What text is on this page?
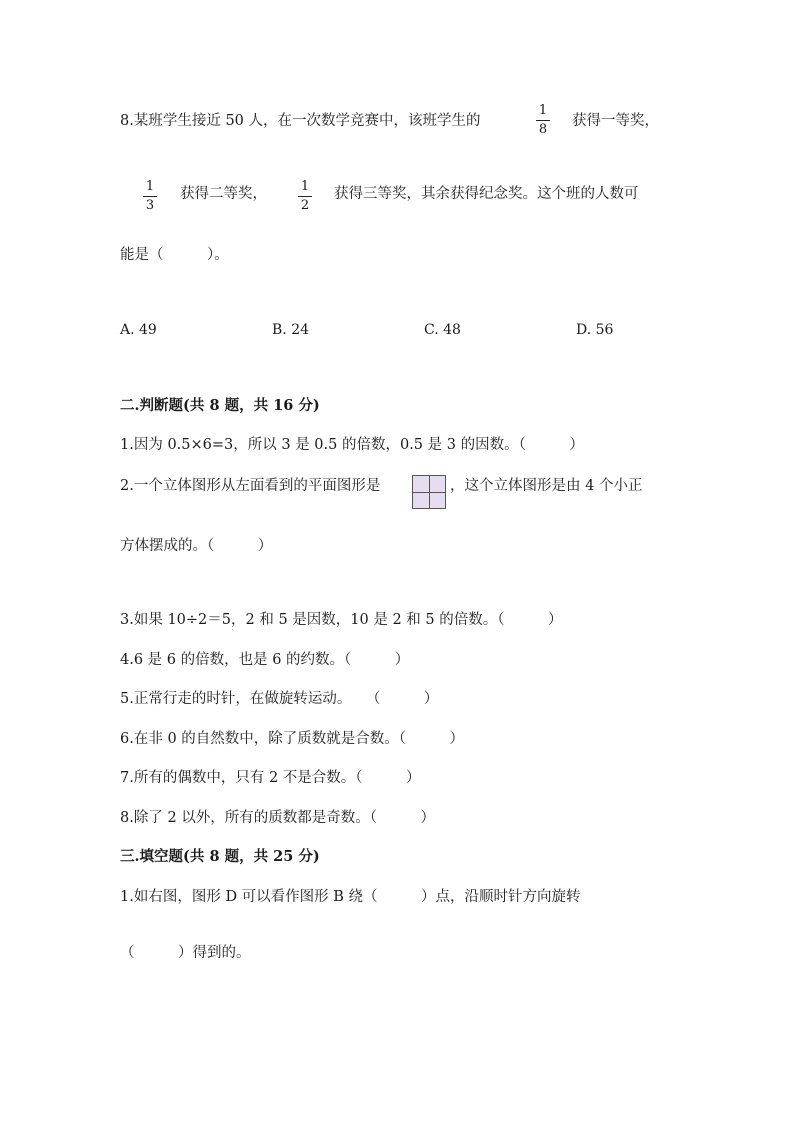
8.某班学生接近 50 人，在一次数学竞赛中，该班学生的
1
8
获得一等奖，
1
3
获得二等奖，	1
2
获得三等奖，其余获得纪念奖。这个班的人数可
能是（　　　）。
A. 49	B. 24	C. 48	D. 56
二.判断题(共 8 题，共 16 分)
1.因为 0.5×6=3，所以 3 是 0.5 的倍数，0.5 是 3 的因数。（　　　）
2.一个立体图形从左面看到的平面图形是	，这个立体图形是由 4 个小正
方体摆成的。（　　　）
3.如果 10÷2＝5，2 和 5 是因数，10 是 2 和 5 的倍数。（　　　）
4.6 是 6 的倍数，也是 6 的约数。（　　　）
5.正常行走的时针，在做旋转运动。　　（　　　）
6.在非 0 的自然数中，除了质数就是合数。（　　　）
7.所有的偶数中，只有 2 不是合数。（　　　）
8.除了 2 以外，所有的质数都是奇数。（　　　）
三.填空题(共 8 题，共 25 分)
1.如右图，图形 D 可以看作图形 B 绕（　　　）点，沿顺时针方向旋转
（　　　）得到的。
